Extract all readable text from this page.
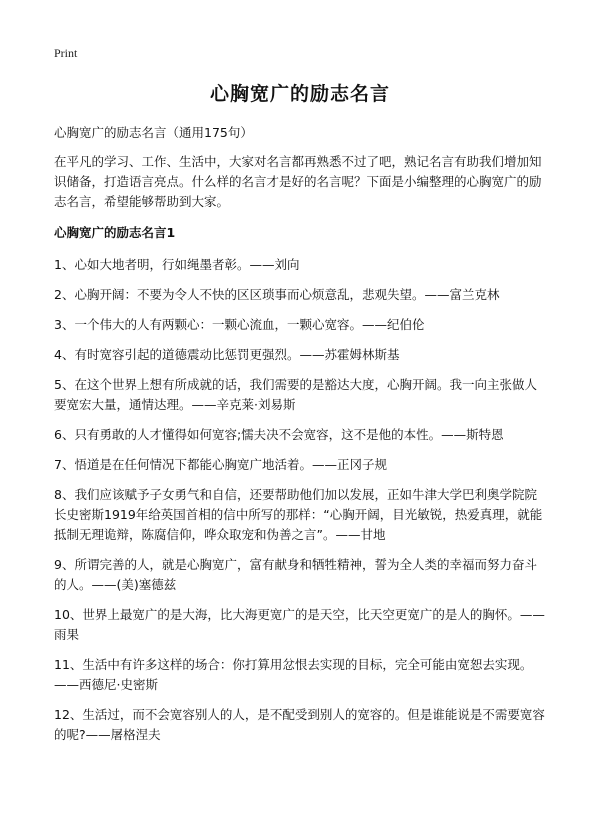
Print
心胸宽广的励志名言

心胸宽广的励志名言（通用175句）

在平凡的学习、工作、生活中，大家对名言都再熟悉不过了吧，熟记名言有助我们增加知识储备，打造语言亮点。什么样的名言才是好的名言呢？下面是小编整理的心胸宽广的励志名言，希望能够帮助到大家。

心胸宽广的励志名言1

1、心如大地者明，行如绳墨者彰。——刘向

2、心胸开阔：不要为令人不快的区区琐事而心烦意乱，悲观失望。——富兰克林

3、一个伟大的人有两颗心：一颗心流血，一颗心宽容。——纪伯伦

4、有时宽容引起的道德震动比惩罚更强烈。——苏霍姆林斯基

5、在这个世界上想有所成就的话，我们需要的是豁达大度，心胸开阔。我一向主张做人要宽宏大量，通情达理。——辛克莱·刘易斯

6、只有勇敢的人才懂得如何宽容;懦夫决不会宽容，这不是他的本性。——斯特恩

7、悟道是在任何情况下都能心胸宽广地活着。——正冈子规

8、我们应该赋予子女勇气和自信，还要帮助他们加以发展，正如牛津大学巴利奥学院院长史密斯1919年给英国首相的信中所写的那样：“心胸开阔，目光敏锐，热爱真理，就能抵制无理诡辩，陈腐信仰，哗众取宠和伪善之言”。——甘地

9、所谓完善的人，就是心胸宽广，富有献身和牺牲精神，誓为全人类的幸福而努力奋斗的人。——(美)塞德兹

10、世界上最宽广的是大海，比大海更宽广的是天空，比天空更宽广的是人的胸怀。——雨果

11、生活中有许多这样的场合：你打算用忿恨去实现的目标，完全可能由宽恕去实现。——西德尼·史密斯

12、生活过，而不会宽容别人的人，是不配受到别人的宽容的。但是谁能说是不需要宽容的呢?——屠格涅夫
